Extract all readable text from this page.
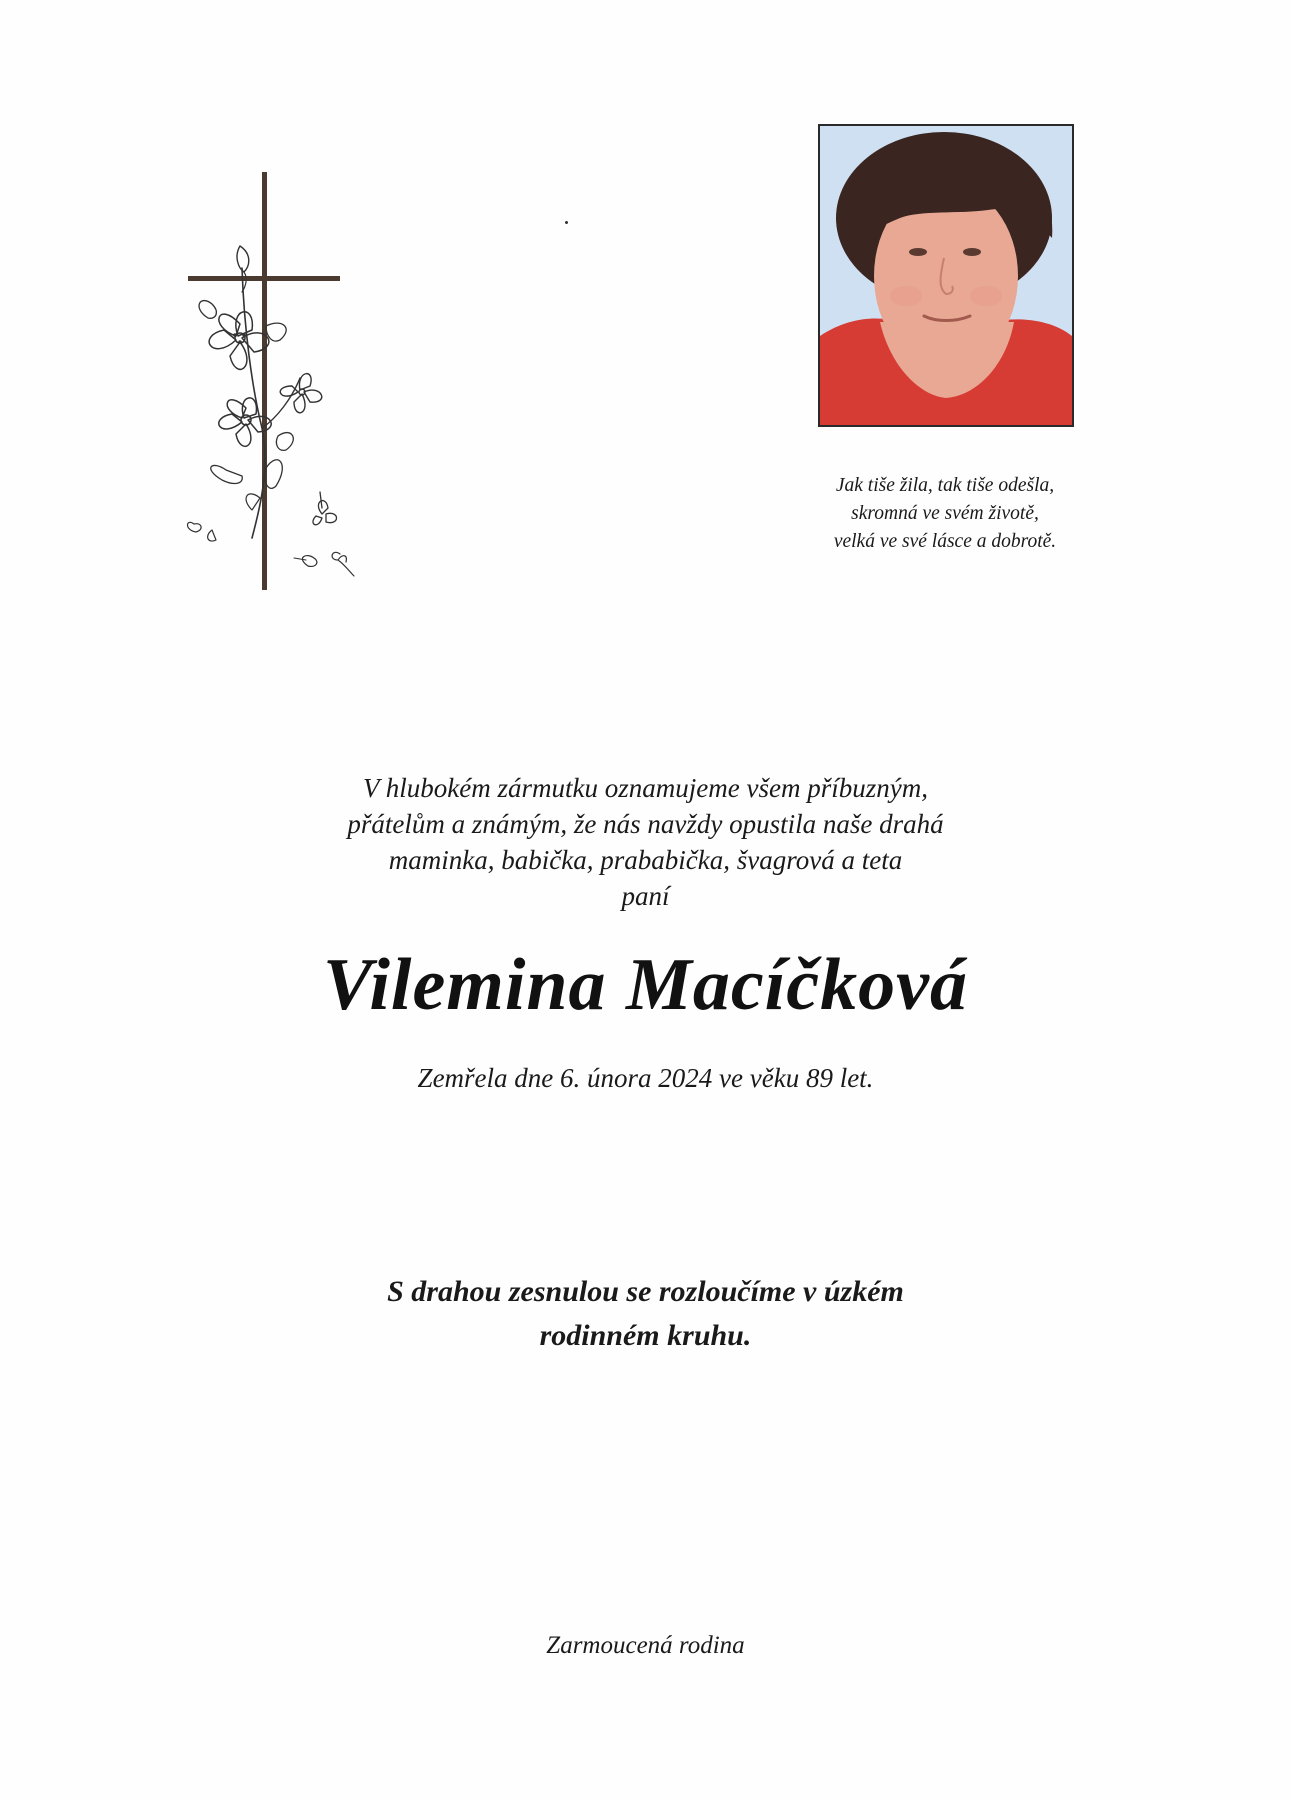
Jak tiše žila, tak tiše odešla,
skromná ve svém životě,
velká ve své lásce a dobrotě.
V hlubokém zármutku oznamujeme všem příbuzným,
přátelům a známým, že nás navždy opustila naše drahá
maminka, babička, prababička, švagrová a teta
paní
Vilemina Macíčková
Zemřela dne 6. února 2024 ve věku 89 let.
S drahou zesnulou se rozloučíme v úzkém
rodinném kruhu.
Zarmoucená rodina
